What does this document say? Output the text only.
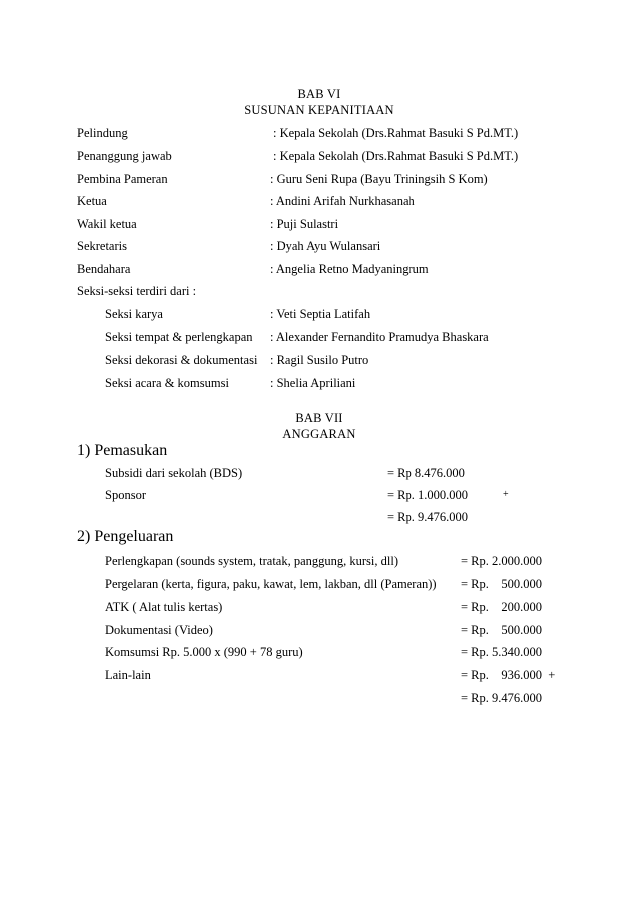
BAB VI
SUSUNAN KEPANITIAAN
Pelindung	: Kepala Sekolah (Drs.Rahmat Basuki S Pd.MT.)
Penanggung jawab	: Kepala Sekolah (Drs.Rahmat Basuki S Pd.MT.)
Pembina Pameran	: Guru Seni Rupa (Bayu Triningsih S Kom)
Ketua	: Andini Arifah Nurkhasanah
Wakil ketua	: Puji Sulastri
Sekretaris	: Dyah Ayu Wulansari
Bendahara	: Angelia Retno Madyaningrum
Seksi-seksi terdiri dari :
Seksi karya	: Veti Septia Latifah
Seksi tempat & perlengkapan : Alexander Fernandito Pramudya Bhaskara
Seksi dekorasi & dokumentasi : Ragil Susilo Putro
Seksi acara & komsumsi	: Shelia Apriliani
BAB VII
ANGGARAN
1) Pemasukan
Subsidi dari sekolah (BDS)	= Rp 8.476.000
Sponsor	= Rp. 1.000.000	+
= Rp. 9.476.000
2) Pengeluaran
Perlengkapan (sounds system, tratak, panggung, kursi, dll)	= Rp. 2.000.000
Pergelaran (kerta, figura, paku, kawat, lem, lakban, dll (Pameran)) = Rp.    500.000
ATK ( Alat tulis kertas)	= Rp.    200.000
Dokumentasi (Video)	= Rp.    500.000
Komsumsi Rp. 5.000 x (990 + 78 guru)	= Rp. 5.340.000
Lain-lain	= Rp.    936.000  +
= Rp. 9.476.000
